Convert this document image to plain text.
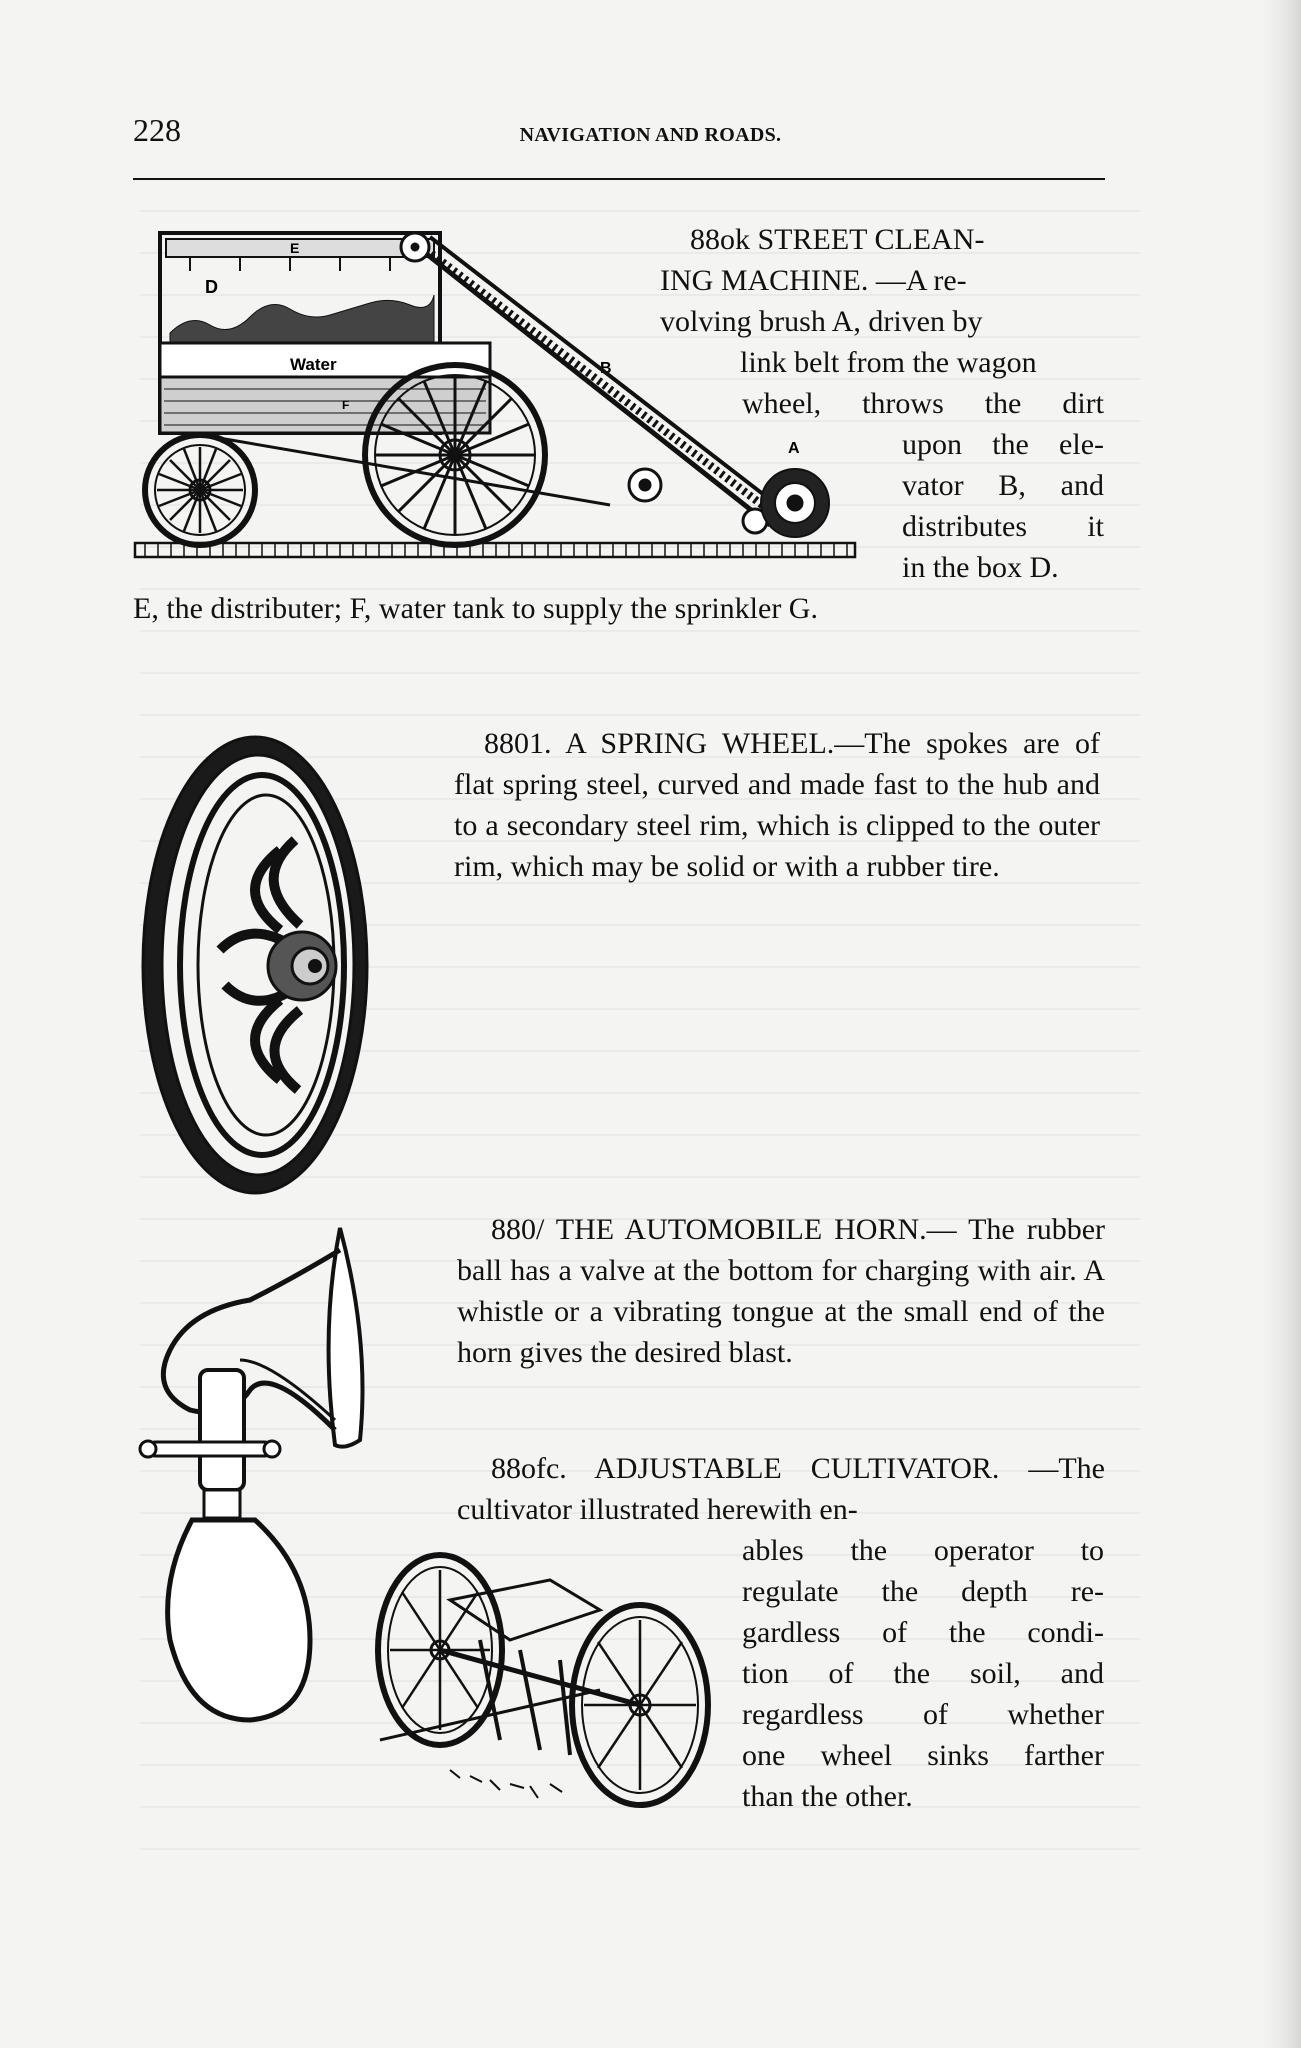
228	NAVIGATION AND ROADS.
Water
D
E
B
A
F
88ok STREET CLEAN-
ING MACHINE. —A re-
volving brush A, driven by
link belt from the wagon
wheel, throws the dirt
upon the ele-
vator B, and
distributes it
in the box D.
E, the distributer; F, water tank to supply the sprinkler G.
8801. A SPRING WHEEL.—The spokes are of flat spring steel, curved and made fast to the hub and to a secondary steel rim, which is clipped to the outer rim, which may be solid or with a rubber tire.
880/ THE AUTOMOBILE HORN.— The rubber ball has a valve at the bottom for charging with air. A whistle or a vibrating tongue at the small end of the horn gives the desired blast.
88ofc. ADJUSTABLE CULTIVATOR. —The cultivator illustrated herewith en-
ables the operator to
regulate the depth re-
gardless of the condi-
tion of the soil, and
regardless of whether
one wheel sinks farther
than the other.
